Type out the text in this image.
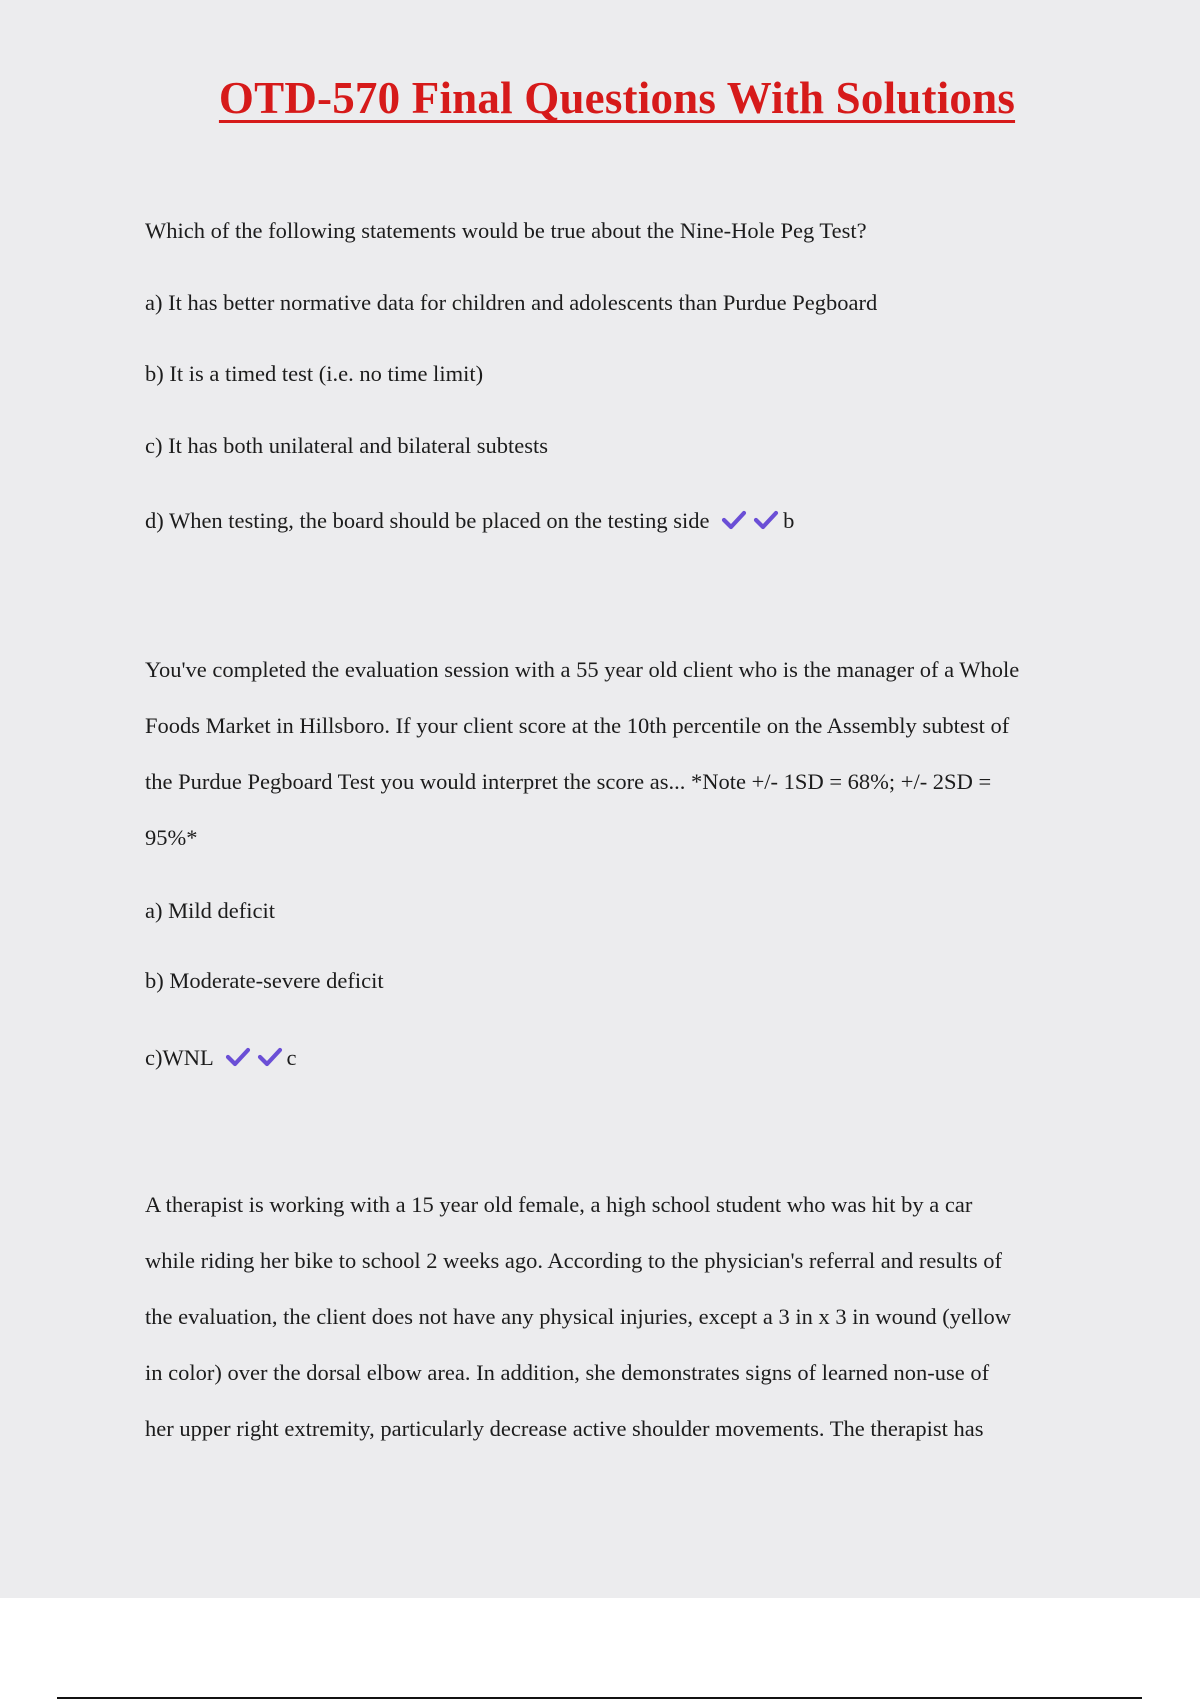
OTD-570 Final Questions With Solutions
Which of the following statements would be true about the Nine-Hole Peg Test?
a) It has better normative data for children and adolescents than Purdue Pegboard
b) It is a timed test (i.e. no time limit)
c) It has both unilateral and bilateral subtests
d) When testing, the board should be placed on the testing side	b
You've completed the evaluation session with a 55 year old client who is the manager of a Whole
Foods Market in Hillsboro. If your client score at the 10th percentile on the Assembly subtest of
the Purdue Pegboard Test you would interpret the score as... *Note +/- 1SD = 68%; +/- 2SD =
95%*
a) Mild deficit
b) Moderate-severe deficit
c)WNL	c
A therapist is working with a 15 year old female, a high school student who was hit by a car
while riding her bike to school 2 weeks ago. According to the physician's referral and results of
the evaluation, the client does not have any physical injuries, except a 3 in x 3 in wound (yellow
in color) over the dorsal elbow area. In addition, she demonstrates signs of learned non-use of
her upper right extremity, particularly decrease active shoulder movements. The therapist has
